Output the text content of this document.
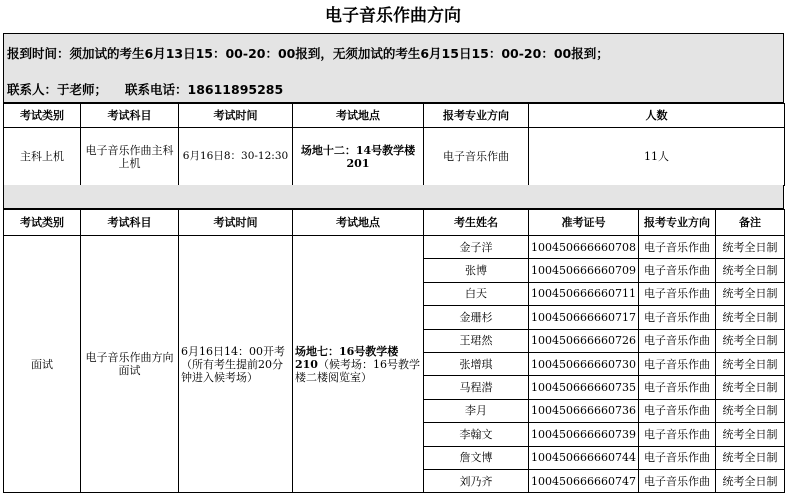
电子音乐作曲方向
报到时间：须加试的考生6月13日15：00-20：00报到，无须加试的考生6月15日15：00-20：00报到；
联系人：于老师； 联系电话：18611895285
考试类别	考试科目	考试时间	考试地点	报考专业方向	人数
主科上机	电子音乐作曲主科上机	6月16日8：30-12:30	场地十二：14号教学楼201	电子音乐作曲	11人
考试类别	考试科目	考试时间	考试地点	考生姓名	准考证号	报考专业方向	备注
面试	电子音乐作曲方向面试	6月16日14：00开考（所有考生提前20分钟进入候考场）	场地七：16号教学楼210（候考场：16号教学楼二楼阅览室）	金子洋	100450666660708	电子音乐作曲	统考全日制
				张博	100450666660709	电子音乐作曲	统考全日制
				白天	100450666660711	电子音乐作曲	统考全日制
				金珊杉	100450666660717	电子音乐作曲	统考全日制
				王珺然	100450666660726	电子音乐作曲	统考全日制
				张增琪	100450666660730	电子音乐作曲	统考全日制
				马程潜	100450666660735	电子音乐作曲	统考全日制
				李月	100450666660736	电子音乐作曲	统考全日制
				李翰文	100450666660739	电子音乐作曲	统考全日制
				詹文博	100450666660744	电子音乐作曲	统考全日制
				刘乃齐	100450666660747	电子音乐作曲	统考全日制
